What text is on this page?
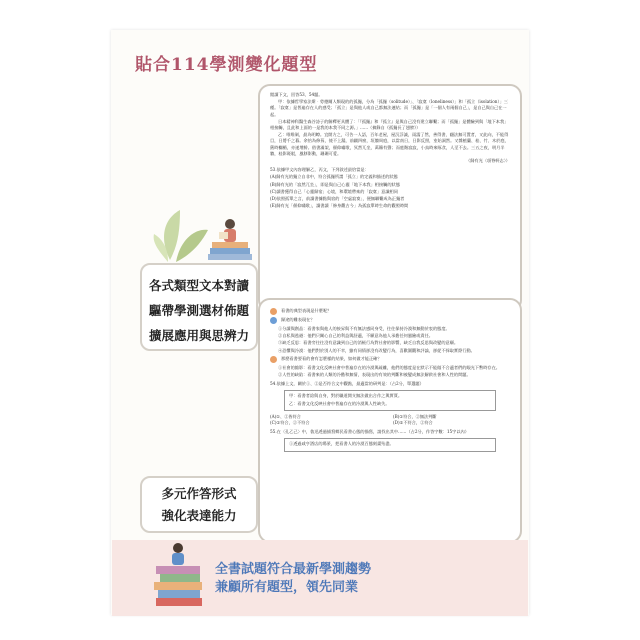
貼合114學測變化題型

閱讀下文，回答53、54題。

甲：依據哲學家法斯‧勞德爾人類現的的孤獨，分為「孤獨（solitude）」、「寂寞（loneliness）」和「孤立（isolation）」三種。「寂寞」是普遍存在人的感受；「孤立」是與他人或自己都無法連結；而「孤獨」是「一個人有兩個自己」，是自己與自己在一起。

日本精神科醫生森谷詩子的解釋更具體了：「『孤獨』和『孤立』是與自己沒有建立聯繫；而「孤獨」是體驗到與「地下本我」相接觸，且此和上面的一是我的本我不同之源。」......（摘錄自《孤獨長了翅膀》）

乙：唯唯剝，最為明瞭。宜開方之，可告一人語，百年老屋，屋沉浮滅，雨濡了然，善得書，翻法無可置者，又此向，不能得目，日將千之暮。余怡為修葺，使不上漏，前闢四窗，垣牆周庭，以當南日，日影反照，室始洞然。又雜植蘭、桂、竹、木於庭，舊時欄楯，亦遂增勝。借書滿架，偃仰嘯歌，冥然兀坐，萬籟有聲；而庭階寂寂，小鳥時來啄食，人至不去。三五之夜，明月半牆，桂影斑駁，風移影動，珊珊可愛。

（歸有光〈項脊軒志〉）

53.依據甲文內容理解乙，丙文，下列敘述最恰當是：

(A)歸有光的獨立自非中，符合孤獨所謂「孤立」的定義和描述的狀態

(B)歸有光的「寂然兀坐」，即是與自己心靈「地下本我」相接觸的狀態

(C)讀書獲得自己「心靈歸宿」心境，和環境帶來的「寂寞」意識相同

(D)依照孤單之言，前讀書據點與宿的「空虛寂寞」，便無聯繫成為正獨者

(E)歸有光「偃仰嘯歌」，讀書讀「修身觀古今」為孤寂單時生命的觀照時間

看書的典型表現是什麼呢？
歸途的難表現在？

①分讀與創品：看書家與他人的接昇與不有無法感同身受，往往保持冷漠和無動於衷的態度。

②自私與逃避：他們只關心自己的利益與舒適，不願意為他人承擔任何風險或責任。

③缺乏反思：看書旁往往沒有意識到自己的消極行為對社會的影響，缺乏自我反思與改變的意願。

④恐懼與冷漠：他們對於別人的不幸，雖有同情卻沒有改變行為，喜歡圍觀和評論，卻從不採取實際行動。

那麼看書要看的會有怎麼樣的結果，如何做才能正確？

①社會的縮影：看書文化反映社會中普遍存在的冷漠與疏離，他們的態度是在默示不能做不合適者們的眼光下暫時存在。

②人性的缺陷：看書來的人類的冷酷和無情，表現出的有效的判斷和被變成無法解救社會和人性的問題。

54.依據上文，關於①、②是否符合文中觀點，最適當的研判是：（占2分，單選題）

甲：看書者給與自身，對於職道開支無法做出合作之與實質。

乙：看書文化反映社會中普遍存在的冷漠與人性缺失。

(A)①、②皆符合	(B)①符合，②無法判斷
(C)①符合，②不符合	(D)①不符合，②符合

55.在〈孔乙己〉中，魯迅透過描寫鄉民看書心態的描寫，請找出其中……（占2分，作答字數：15字以內）

①透過咸亨酒店的場景，把看書人的冷漠百態刻畫殆盡。

各式類型文本對讀
驅帶學測選材佈題
擴展應用與思辨力
多元作答形式
強化表達能力
全書試題符合最新學測趨勢
兼顧所有題型，領先同業
